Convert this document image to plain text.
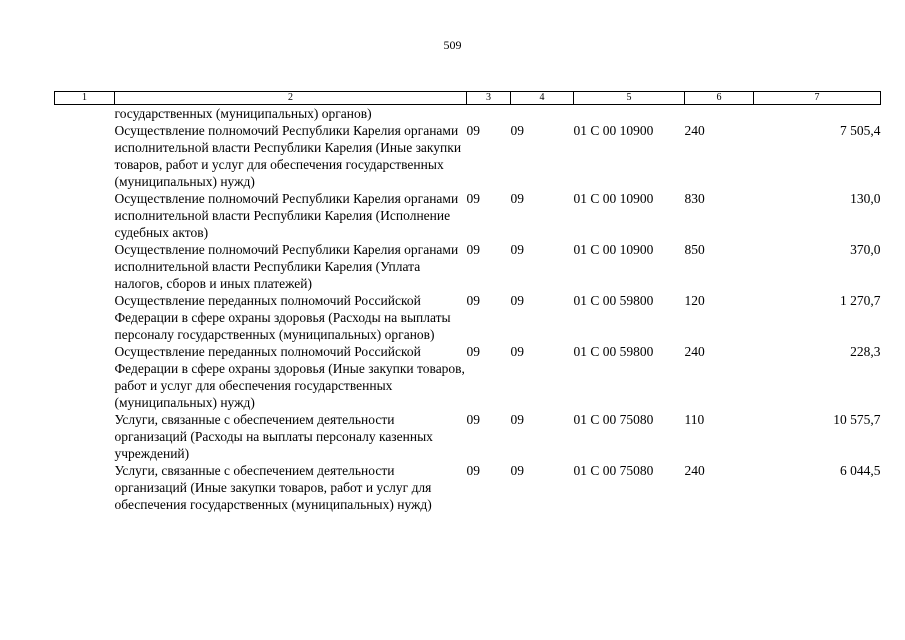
509
1	2	3	4	5	6	7
	государственных (муниципальных) органов)					
	Осуществление полномочий Республики Карелия органами исполнительной власти Республики Карелия (Иные закупки товаров, работ и услуг для обеспечения государственных (муниципальных) нужд)	09	09	01 С 00 10900	240	7 505,4
	Осуществление полномочий Республики Карелия органами исполнительной власти Республики Карелия (Исполнение судебных актов)	09	09	01 С 00 10900	830	130,0
	Осуществление полномочий Республики Карелия органами исполнительной власти Республики Карелия (Уплата налогов, сборов и иных платежей)	09	09	01 С 00 10900	850	370,0
	Осуществление переданных полномочий Российской Федерации в сфере охраны здоровья (Расходы на выплаты персоналу государственных (муниципальных) органов)	09	09	01 С 00 59800	120	1 270,7
	Осуществление переданных полномочий Российской Федерации в сфере охраны здоровья (Иные закупки товаров, работ и услуг для обеспечения государственных (муниципальных) нужд)	09	09	01 С 00 59800	240	228,3
	Услуги, связанные с обеспечением деятельности организаций (Расходы на выплаты персоналу казенных учреждений)	09	09	01 С 00 75080	110	10 575,7
	Услуги, связанные с обеспечением деятельности организаций (Иные закупки товаров, работ и услуг для обеспечения государственных (муниципальных) нужд)	09	09	01 С 00 75080	240	6 044,5
